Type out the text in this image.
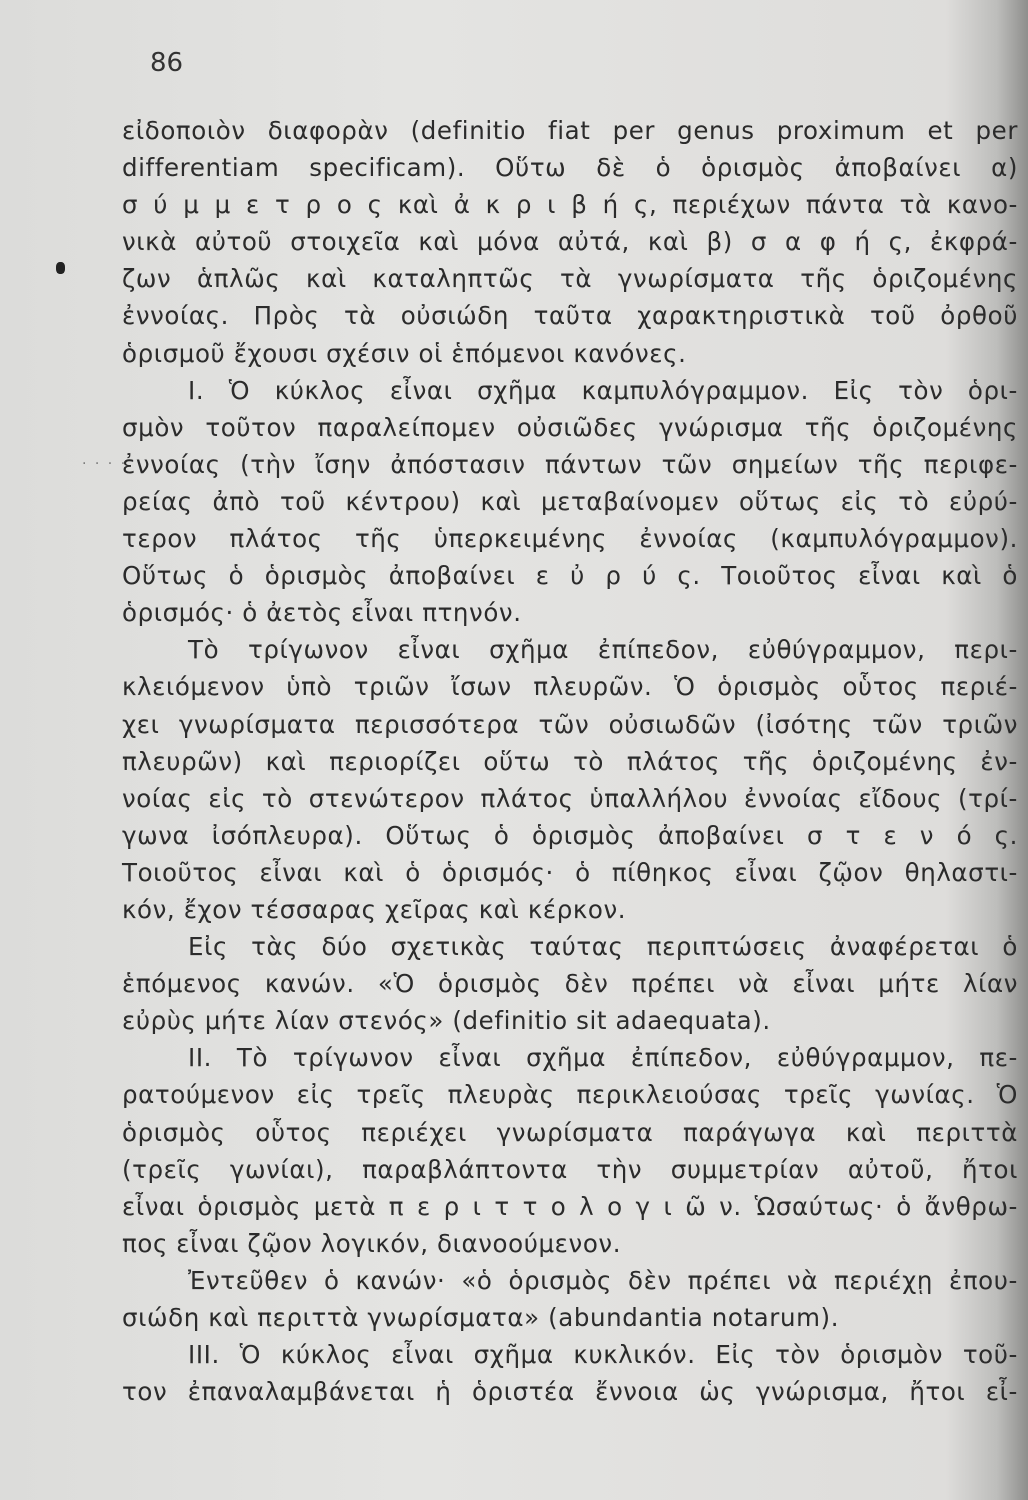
86
. . . .
εἰδοποιὸν διαφορὰν (definitio fiat per genus proximum et per
differentiam specificam). Οὕτω δὲ ὁ ὁρισμὸς ἀποβαίνει α)
σ ύ μ μ ε τ ρ ο ς καὶ ἀ κ ρ ι β ή ς, περιέχων πάντα τὰ κανο-
νικὰ αὐτοῦ στοιχεῖα καὶ μόνα αὐτά, καὶ β) σ α φ ή ς, ἐκφρά-
ζων ἁπλῶς καὶ καταληπτῶς τὰ γνωρίσματα τῆς ὁριζομένης
ἐννοίας. Πρὸς τὰ οὐσιώδη ταῦτα χαρακτηριστικὰ τοῦ ὀρθοῦ
ὁρισμοῦ ἔχουσι σχέσιν οἱ ἑπόμενοι κανόνες.
Ι. Ὁ κύκλος εἶναι σχῆμα καμπυλόγραμμον. Εἰς τὸν ὁρι-
σμὸν τοῦτον παραλείπομεν οὐσιῶδες γνώρισμα τῆς ὁριζομένης
ἐννοίας (τὴν ἴσην ἀπόστασιν πάντων τῶν σημείων τῆς περιφε-
ρείας ἀπὸ τοῦ κέντρου) καὶ μεταβαίνομεν οὕτως εἰς τὸ εὐρύ-
τερον πλάτος τῆς ὑπερκειμένης ἐννοίας (καμπυλόγραμμον).
Οὕτως ὁ ὁρισμὸς ἀποβαίνει ε ὐ ρ ύ ς. Τοιοῦτος εἶναι καὶ ὁ
ὁρισμός· ὁ ἀετὸς εἶναι πτηνόν.
Τὸ τρίγωνον εἶναι σχῆμα ἐπίπεδον, εὐθύγραμμον, περι-
κλειόμενον ὑπὸ τριῶν ἴσων πλευρῶν. Ὁ ὁρισμὸς οὗτος περιέ-
χει γνωρίσματα περισσότερα τῶν οὐσιωδῶν (ἰσότης τῶν τριῶν
πλευρῶν) καὶ περιορίζει οὕτω τὸ πλάτος τῆς ὁριζομένης ἐν-
νοίας εἰς τὸ στενώτερον πλάτος ὑπαλλήλου ἐννοίας εἴδους (τρί-
γωνα ἰσόπλευρα). Οὕτως ὁ ὁρισμὸς ἀποβαίνει σ τ ε ν ό ς.
Τοιοῦτος εἶναι καὶ ὁ ὁρισμός· ὁ πίθηκος εἶναι ζῷον θηλαστι-
κόν, ἔχον τέσσαρας χεῖρας καὶ κέρκον.
Εἰς τὰς δύο σχετικὰς ταύτας περιπτώσεις ἀναφέρεται ὁ
ἑπόμενος κανών. «Ὁ ὁρισμὸς δὲν πρέπει νὰ εἶναι μήτε λίαν
εὐρὺς μήτε λίαν στενός» (definitio sit adaequata).
ΙΙ. Τὸ τρίγωνον εἶναι σχῆμα ἐπίπεδον, εὐθύγραμμον, πε-
ρατούμενον εἰς τρεῖς πλευρὰς περικλειούσας τρεῖς γωνίας. Ὁ
ὁρισμὸς οὗτος περιέχει γνωρίσματα παράγωγα καὶ περιττὰ
(τρεῖς γωνίαι), παραβλάπτοντα τὴν συμμετρίαν αὐτοῦ, ἤτοι
εἶναι ὁρισμὸς μετὰ π ε ρ ι τ τ ο λ ο γ ι ῶ ν. Ὡσαύτως· ὁ ἄνθρω-
πος εἶναι ζῷον λογικόν, διανοούμενον.
Ἐντεῦθεν ὁ κανών· «ὁ ὁρισμὸς δὲν πρέπει νὰ περιέχῃ ἐπου-
σιώδη καὶ περιττὰ γνωρίσματα» (abundantia notarum).
ΙΙΙ. Ὁ κύκλος εἶναι σχῆμα κυκλικόν. Εἰς τὸν ὁρισμὸν τοῦ-
τον ἐπαναλαμβάνεται ἡ ὁριστέα ἔννοια ὡς γνώρισμα, ἤτοι εἶ-
